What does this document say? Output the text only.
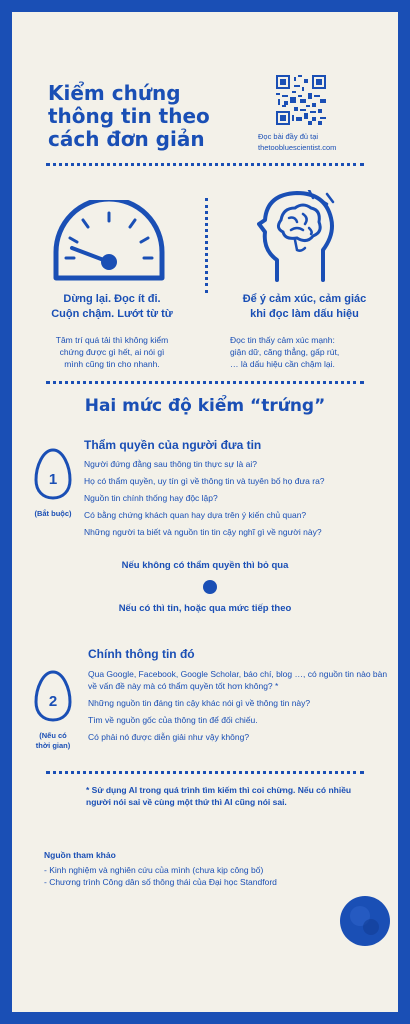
Kiểm chứng
thông tin theo
cách đơn giản	Đọc bài đầy đủ tại
thetoobluescientist.com
Dừng lại. Đọc ít đi.
Cuộn chậm. Lướt từ từ
Tâm trí quá tải thì không kiểm
chứng được gì hết, ai nói gì
mình cũng tin cho nhanh.
Để ý cảm xúc, cảm giác
khi đọc làm dấu hiệu
Đọc tin thấy cảm xúc mạnh:
giận dữ, căng thẳng, gấp rút,
… là dấu hiệu cần chậm lại.
Hai mức độ kiểm “trứng”
1
(Bắt buộc)
Thẩm quyền của người đưa tin
Người đứng đằng sau thông tin thực sự là ai?
Họ có thẩm quyền, uy tín gì về thông tin và tuyên bố họ đưa ra?
Nguồn tin chính thống hay độc lập?
Có bằng chứng khách quan hay dựa trên ý kiến chủ quan?
Những người ta biết và nguồn tin tin cậy nghĩ gì về người này?
Nếu không có thẩm quyền thì bỏ qua
Nếu có thì tin, hoặc qua mức tiếp theo
2
(Nếu có
thời gian)
Chính thông tin đó
Qua Google, Facebook, Google Scholar, báo chí, blog …, có nguồn tin nào bàn về vấn đề này mà có thẩm quyền tốt hơn không? *
Những nguồn tin đáng tin cậy khác nói gì về thông tin này?
Tìm về nguồn gốc của thông tin để đối chiếu.
Có phải nó được diễn giải như vậy không?
* Sử dụng AI trong quá trình tìm kiếm thì coi chừng. Nếu có nhiều người nói sai về cùng một thứ thì AI cũng nói sai.
Nguồn tham khảo
- Kinh nghiệm và nghiên cứu của mình (chưa kịp công bố)
- Chương trình Công dân số thông thái của Đại học Standford
